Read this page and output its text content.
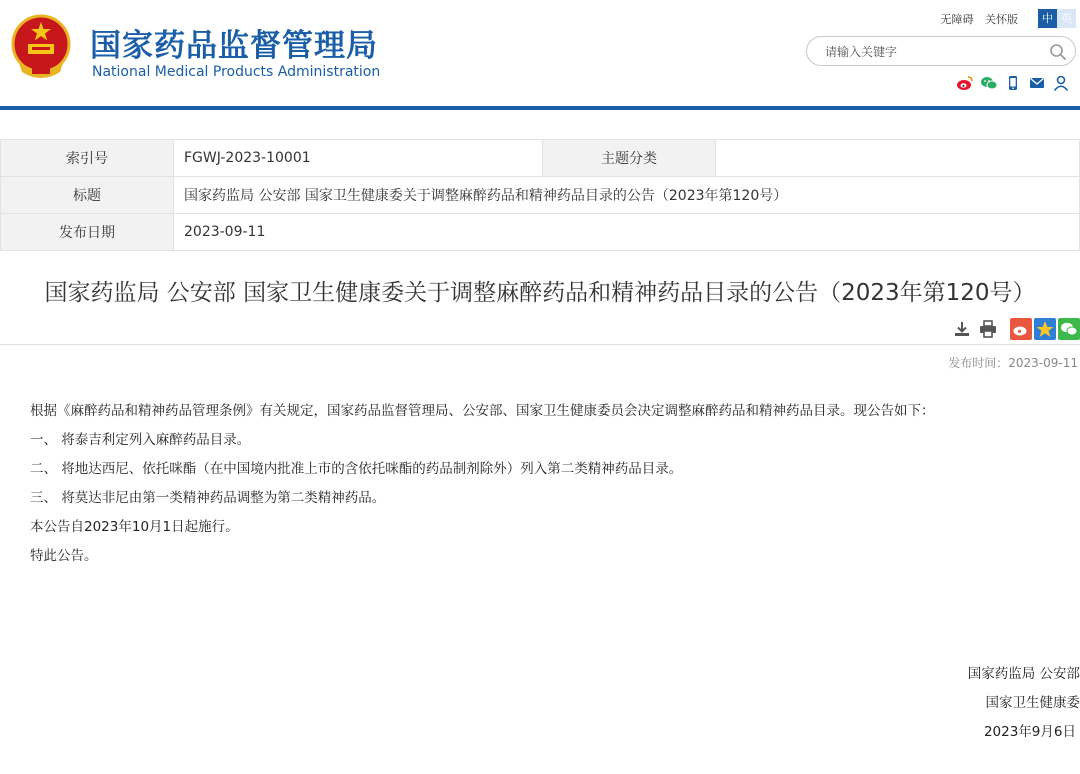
国家药品监督管理局
National Medical Products Administration
无障碍 关怀版	中 英
请输入关键字
索引号	FGWJ-2023-10001	主题分类	
标题	国家药监局 公安部 国家卫生健康委关于调整麻醉药品和精神药品目录的公告（2023年第120号）		
发布日期	2023-09-11		
国家药监局 公安部 国家卫生健康委关于调整麻醉药品和精神药品目录的公告（2023年第120号）
发布时间：2023-09-11

根据《麻醉药品和精神药品管理条例》有关规定，国家药品监督管理局、公安部、国家卫生健康委员会决定调整麻醉药品和精神药品目录。现公告如下：

一、 将泰吉利定列入麻醉药品目录。

二、 将地达西尼、依托咪酯（在中国境内批准上市的含依托咪酯的药品制剂除外）列入第二类精神药品目录。

三、 将莫达非尼由第一类精神药品调整为第二类精神药品。

本公告自2023年10月1日起施行。

特此公告。

国家药监局 公安部
国家卫生健康委
2023年9月6日
